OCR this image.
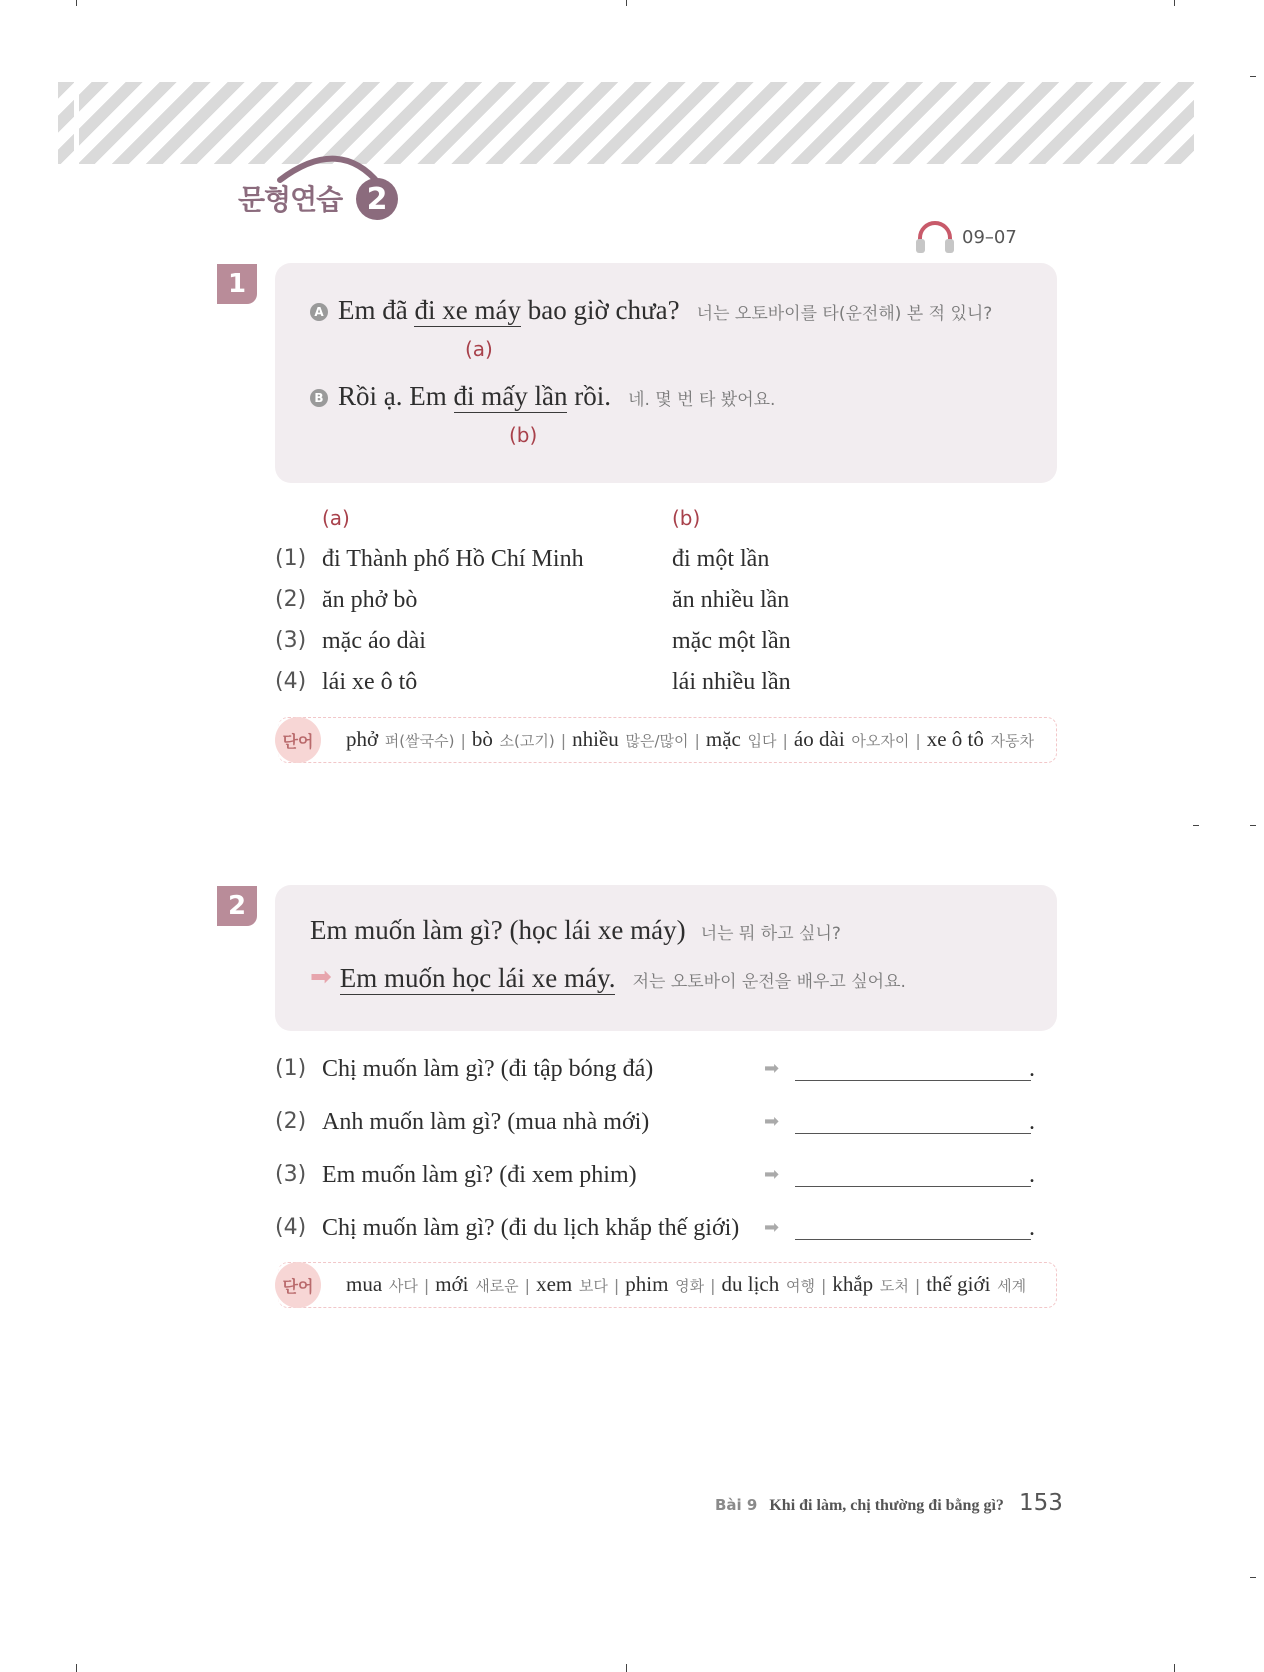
문형연습 2
09–07
1
A Em đã đi xe máy bao giờ chưa? 너는 오토바이를 타(운전해) 본 적 있니?
(a)
B Rồi ạ. Em đi mấy lần rồi. 네. 몇 번 타 봤어요.
(b)
(a)	(b)
(1) đi Thành phố Hồ Chí Minh	đi một lần
(2) ăn phở bò	ăn nhiều lần
(3) mặc áo dài	mặc một lần
(4) lái xe ô tô	lái nhiều lần
단어	phở 퍼(쌀국수) | bò 소(고기) | nhiều 많은/많이 | mặc 입다 | áo dài 아오자이 | xe ô tô 자동차
2
Em muốn làm gì? (học lái xe máy) 너는 뭐 하고 싶니?
➡ Em muốn học lái xe máy. 저는 오토바이 운전을 배우고 싶어요.
(1) Chị muốn làm gì? (đi tập bóng đá)	➡	.
(2) Anh muốn làm gì? (mua nhà mới)	➡	.
(3) Em muốn làm gì? (đi xem phim)	➡	.
(4) Chị muốn làm gì? (đi du lịch khắp thế giới) ➡	.
단어	mua 사다 | mới 새로운 | xem 보다 | phim 영화 | du lịch 여행 | khắp 도처 | thế giới 세계
Bài 9 Khi đi làm, chị thường đi bằng gì? 153
